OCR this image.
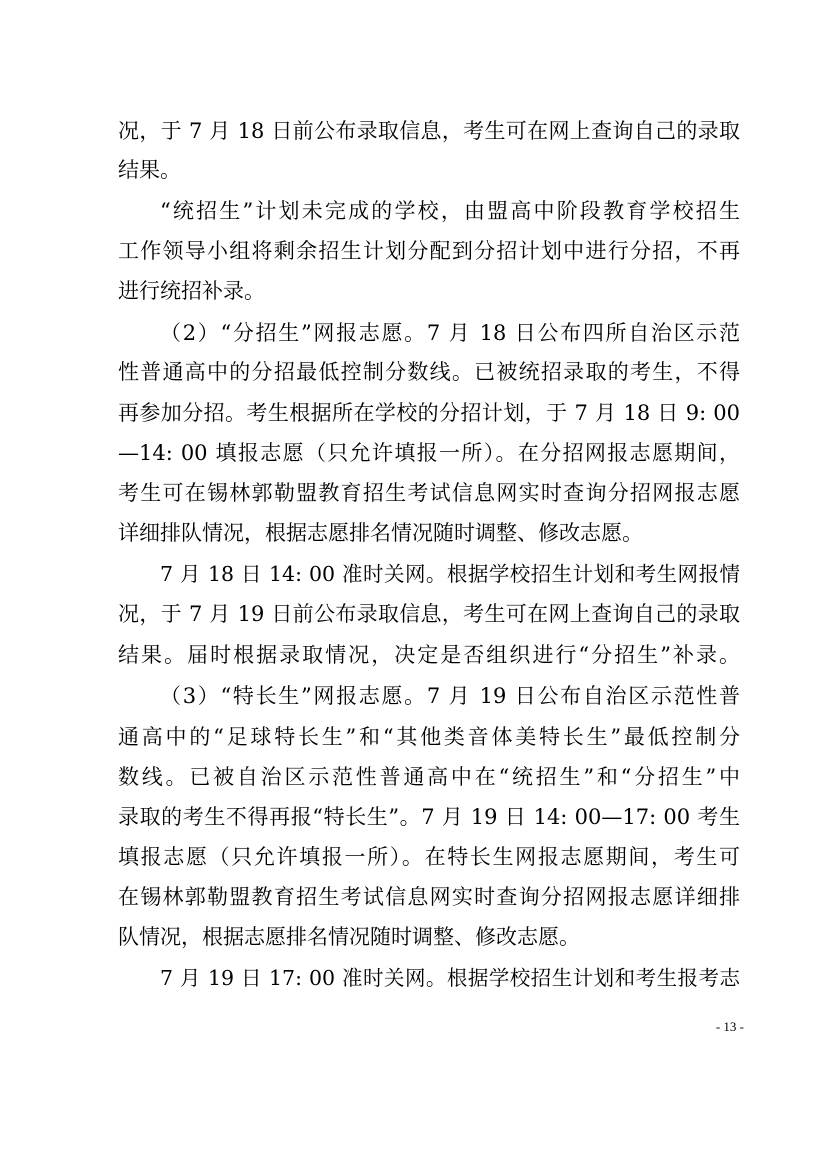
况，于 7 月 18 日前公布录取信息，考生可在网上查询自己的录取
结果。
“统招生”计划未完成的学校，由盟高中阶段教育学校招生
工作领导小组将剩余招生计划分配到分招计划中进行分招，不再
进行统招补录。
（2）“分招生”网报志愿。7 月 18 日公布四所自治区示范
性普通高中的分招最低控制分数线。已被统招录取的考生，不得
再参加分招。考生根据所在学校的分招计划，于 7 月 18 日 9: 00
—14: 00 填报志愿（只允许填报一所）。在分招网报志愿期间，
考生可在锡林郭勒盟教育招生考试信息网实时查询分招网报志愿
详细排队情况，根据志愿排名情况随时调整、修改志愿。
7 月 18 日 14: 00 准时关网。根据学校招生计划和考生网报情
况，于 7 月 19 日前公布录取信息，考生可在网上查询自己的录取
结果。届时根据录取情况，决定是否组织进行“分招生”补录。
（3）“特长生”网报志愿。7 月 19 日公布自治区示范性普
通高中的“足球特长生”和“其他类音体美特长生”最低控制分
数线。已被自治区示范性普通高中在“统招生”和“分招生”中
录取的考生不得再报“特长生”。7 月 19 日 14: 00—17: 00 考生
填报志愿（只允许填报一所）。在特长生网报志愿期间，考生可
在锡林郭勒盟教育招生考试信息网实时查询分招网报志愿详细排
队情况，根据志愿排名情况随时调整、修改志愿。
7 月 19 日 17: 00 准时关网。根据学校招生计划和考生报考志
- 13 -
